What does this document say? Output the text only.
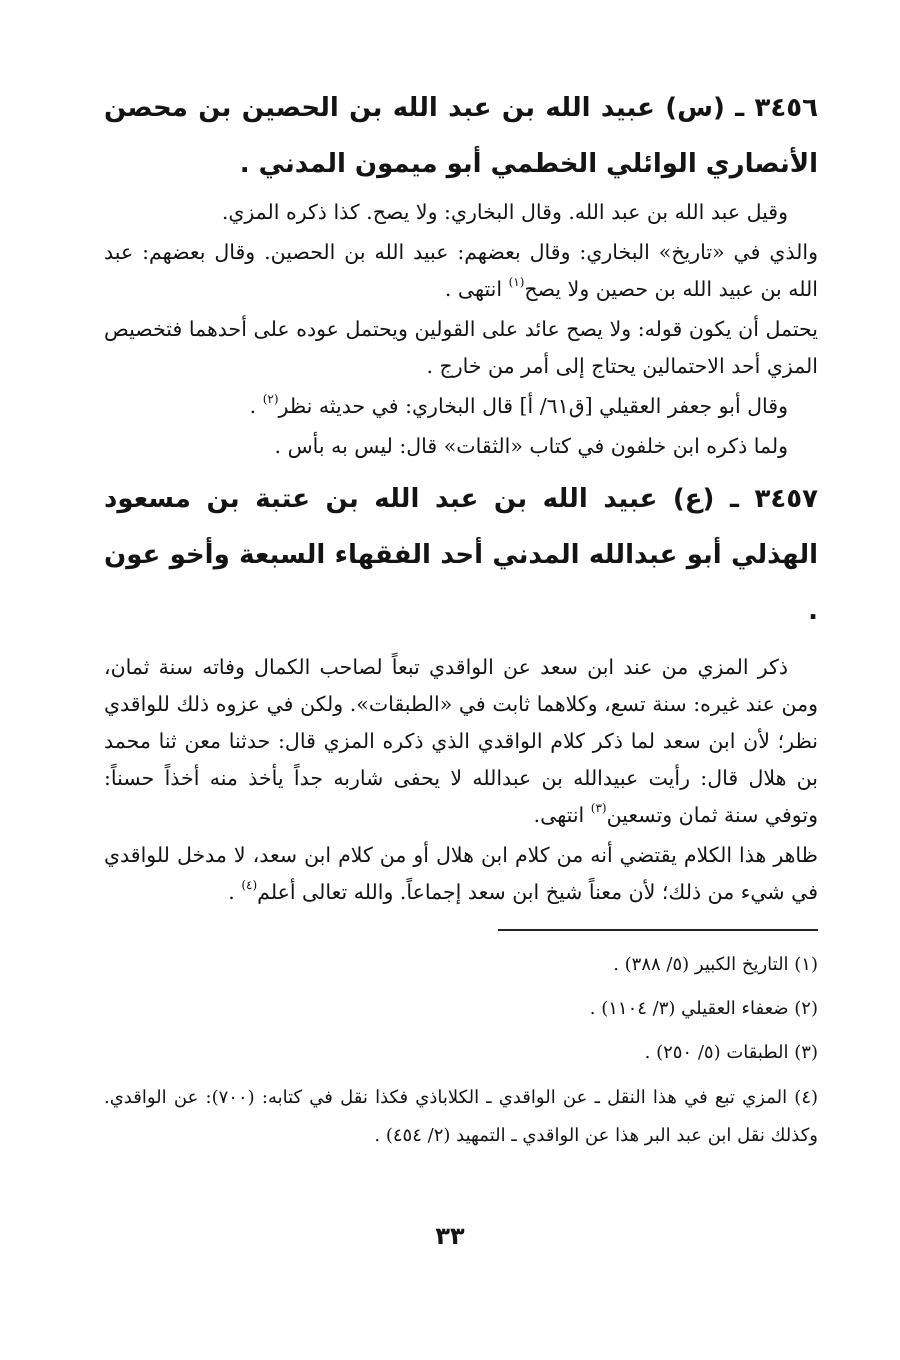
٣٤٥٦ ـ (س) عبيد الله بن عبد الله بن الحصين بن محصن الأنصاري الوائلي الخطمي أبو ميمون المدني .

وقيل عبد الله بن عبد الله. وقال البخاري: ولا يصح. كذا ذكره المزي.

والذي في «تاريخ» البخاري: وقال بعضهم: عبيد الله بن الحصين. وقال بعضهم: عبد الله بن عبيد الله بن حصين ولا يصح$^{(١)}$ انتهى .

يحتمل أن يكون قوله: ولا يصح عائد على القولين ويحتمل عوده على أحدهما فتخصيص المزي أحد الاحتمالين يحتاج إلى أمر من خارج .

وقال أبو جعفر العقيلي [ق٦١/ أ] قال البخاري: في حديثه نظر$^{(٢)}$ .

ولما ذكره ابن خلفون في كتاب «الثقات» قال: ليس به بأس .

٣٤٥٧ ـ (ع) عبيد الله بن عبد الله بن عتبة بن مسعود الهذلي أبو عبدالله المدني أحد الفقهاء السبعة وأخو عون .

ذكر المزي من عند ابن سعد عن الواقدي تبعاً لصاحب الكمال وفاته سنة ثمان، ومن عند غيره: سنة تسع، وكلاهما ثابت في «الطبقات». ولكن في عزوه ذلك للواقدي نظر؛ لأن ابن سعد لما ذكر كلام الواقدي الذي ذكره المزي قال: حدثنا معن ثنا محمد بن هلال قال: رأيت عبيدالله بن عبدالله لا يحفى شاربه جداً يأخذ منه أخذاً حسناً: وتوفي سنة ثمان وتسعين$^{(٣)}$ انتهى.

ظاهر هذا الكلام يقتضي أنه من كلام ابن هلال أو من كلام ابن سعد، لا مدخل للواقدي في شيء من ذلك؛ لأن معناً شيخ ابن سعد إجماعاً. والله تعالى أعلم$^{(٤)}$ .

(١) التاريخ الكبير (٥/ ٣٨٨) .

(٢) ضعفاء العقيلي (٣/ ١١٠٤) .

(٣) الطبقات (٥/ ٢٥٠) .

(٤) المزي تبع في هذا النقل ـ عن الواقدي ـ الكلاباذي فكذا نقل في كتابه: (٧٠٠): عن الواقدي. وكذلك نقل ابن عبد البر هذا عن الواقدي ـ التمهيد (٢/ ٤٥٤) .

٣٣
